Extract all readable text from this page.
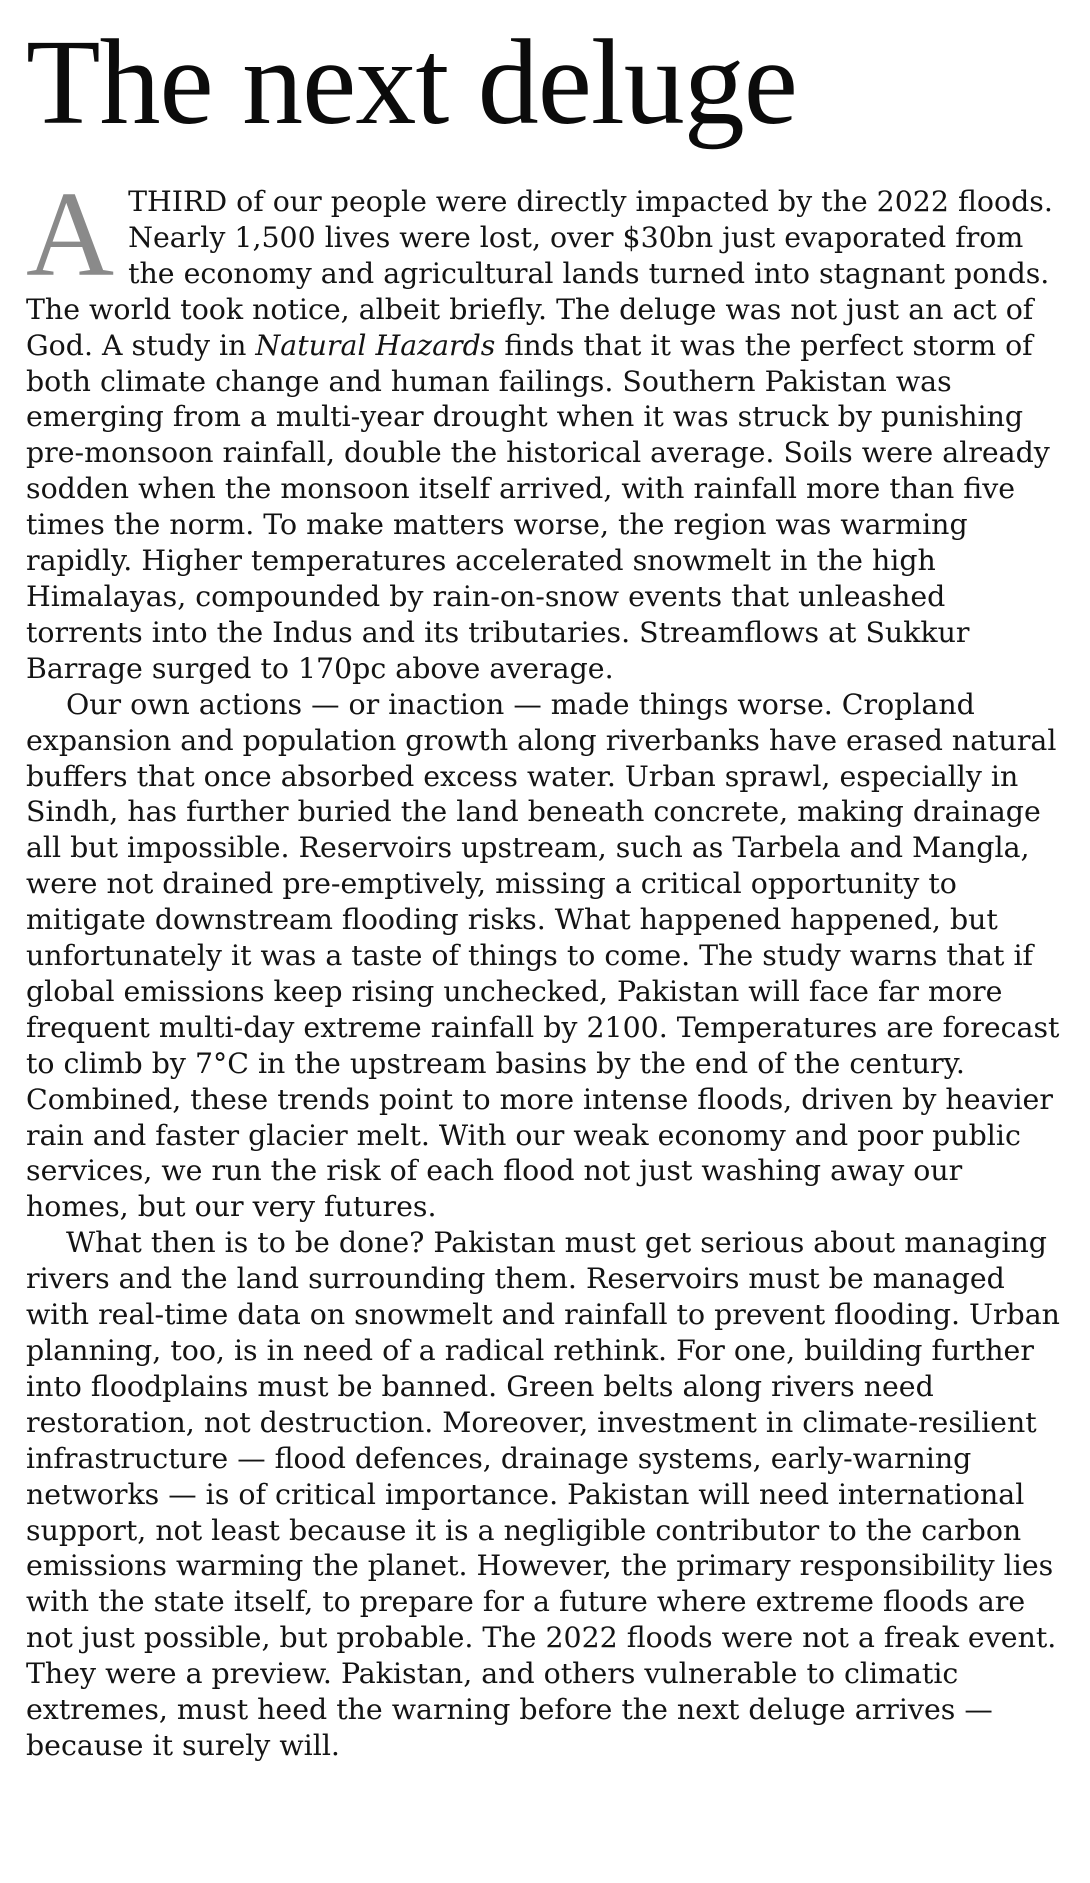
The next deluge

ATHIRD of our people were directly impacted by the 2022 floods. Nearly 1,500 lives were lost, over $30bn just evaporated from the economy and agricultural lands turned into stagnant ponds. The world took notice, albeit briefly. The deluge was not just an act of God. A study in Natural Hazards finds that it was the perfect storm of both climate change and human failings. Southern Pakistan was emerging from a multi-year drought when it was struck by punishing pre-monsoon rainfall, double the historical average. Soils were already sodden when the monsoon itself arrived, with rainfall more than five times the norm. To make matters worse, the region was warming rapidly. Higher temperatures accelerated snowmelt in the high Himalayas, compounded by rain-on-snow events that unleashed torrents into the Indus and its tributaries. Streamflows at Sukkur Barrage surged to 170pc above average.

Our own actions — or inaction — made things worse. Cropland expansion and population growth along riverbanks have erased natural buffers that once absorbed excess water. Urban sprawl, especially in Sindh, has further buried the land beneath concrete, making drainage all but impossible. Reservoirs upstream, such as Tarbela and Mangla, were not drained pre-emptively, missing a critical opportunity to mitigate downstream flooding risks. What happened happened, but unfortunately it was a taste of things to come. The study warns that if global emissions keep rising unchecked, Pakistan will face far more frequent multi-day extreme rainfall by 2100. Temperatures are forecast to climb by 7°C in the upstream basins by the end of the century. Combined, these trends point to more intense floods, driven by heavier rain and faster glacier melt. With our weak economy and poor public services, we run the risk of each flood not just washing away our homes, but our very futures.

What then is to be done? Pakistan must get serious about managing rivers and the land surrounding them. Reservoirs must be managed with real-time data on snowmelt and rainfall to prevent flooding. Urban planning, too, is in need of a radical rethink. For one, building further into floodplains must be banned. Green belts along rivers need restoration, not destruction. Moreover, investment in climate-resilient infrastructure — flood defences, drainage systems, early-warning networks — is of critical importance. Pakistan will need international support, not least because it is a negligible contributor to the carbon emissions warming the planet. However, the primary responsibility lies with the state itself, to prepare for a future where extreme floods are not just possible, but probable. The 2022 floods were not a freak event. They were a preview. Pakistan, and others vulnerable to climatic extremes, must heed the warning before the next deluge arrives — because it surely will.
